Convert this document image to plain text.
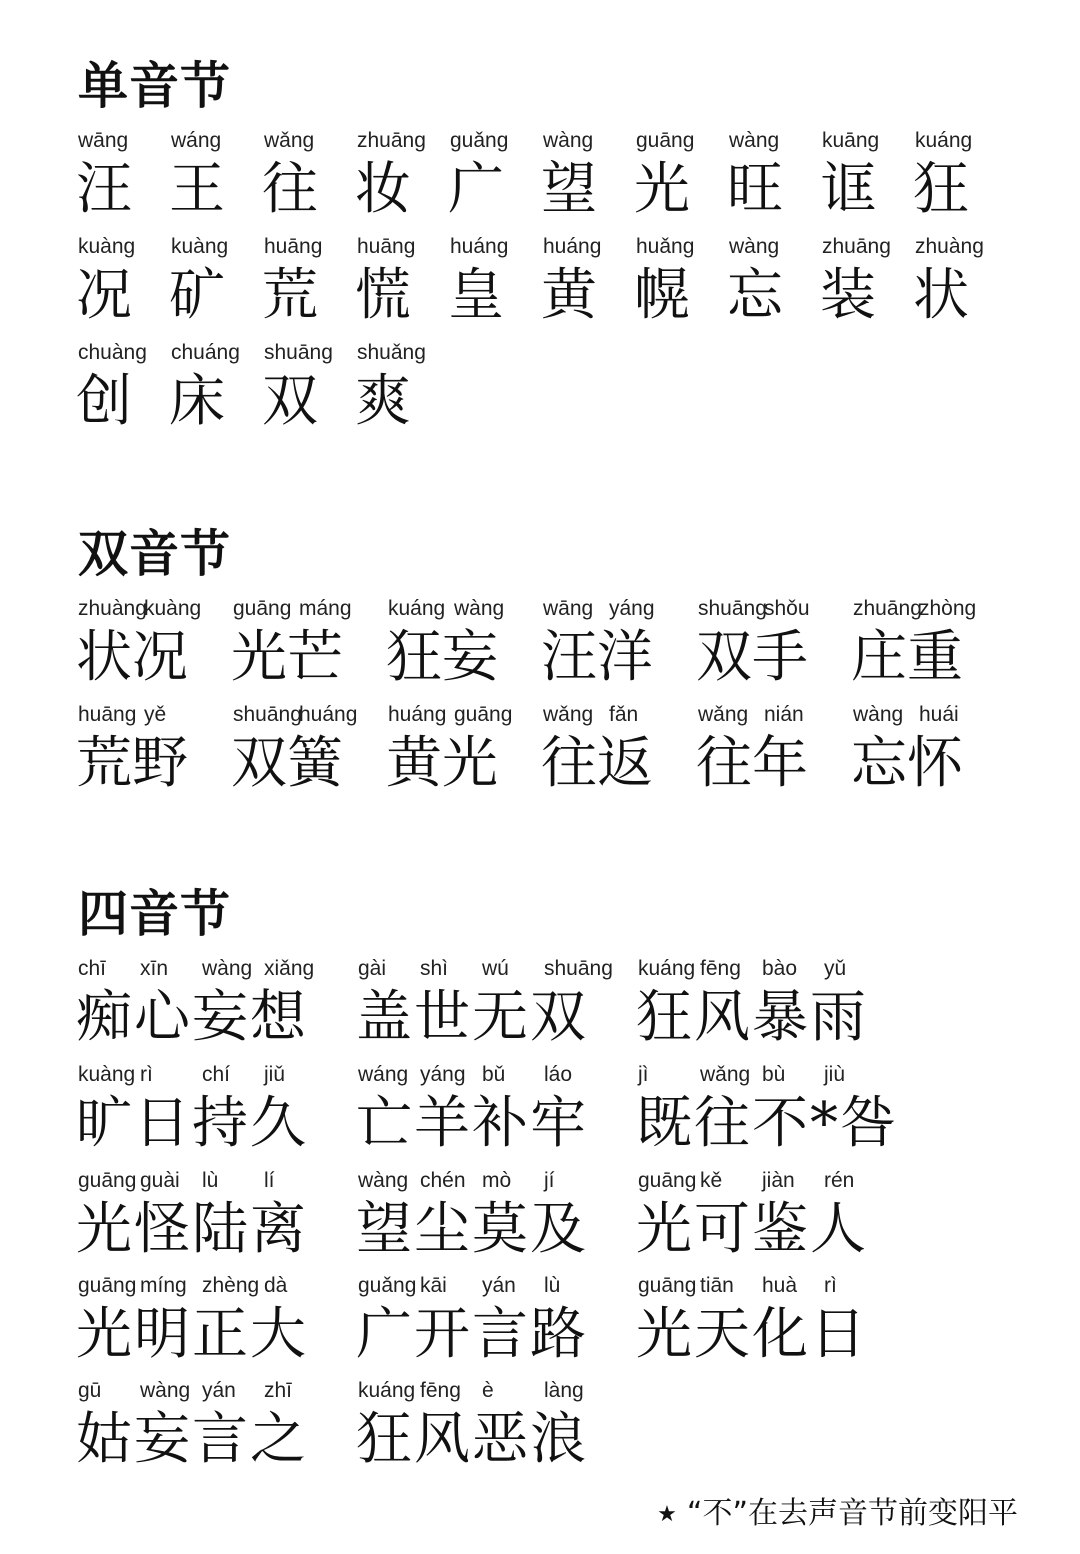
单音节
wāng
汪
wáng
王
wǎng
往
zhuāng
妆
guǎng
广
wàng
望
guāng
光
wàng
旺
kuāng
诓
kuáng
狂
kuàng
况
kuàng
矿
huāng
荒
huāng
慌
huáng
皇
huáng
黄
huǎng
幌
wàng
忘
zhuāng
装
zhuàng
状
chuàng
创
chuáng
床
shuāng
双
shuǎng
爽
双音节
zhuàngkuàng
状况
guāng máng
光芒
kuáng wàng
狂妄
wāng yáng
汪洋
shuāngshǒu
双手
zhuāngzhòng
庄重
huāng yě
荒野
shuānghuáng
双簧
huáng guāng
黄光
wǎng fǎn
往返
wǎng nián
往年
wàng huái
忘怀
四音节
chī xīn wàng xiǎng
痴心妄想
gài shì wú shuāng
盖世无双
kuáng fēng bào yǔ
狂风暴雨
kuàng rì chí jiǔ
旷日持久
wáng yáng bǔ láo
亡羊补牢
jì wǎng bù jiù
既往不*咎
guāng guài lù lí
光怪陆离
wàng chén mò jí
望尘莫及
guāng kě jiàn rén
光可鉴人
guāng míng zhèng dà
光明正大
guǎng kāi yán lù
广开言路
guāng tiān huà rì
光天化日
gū wàng yán zhī
姑妄言之
kuáng fēng è làng
狂风恶浪
★ “不”在去声音节前变阳平
